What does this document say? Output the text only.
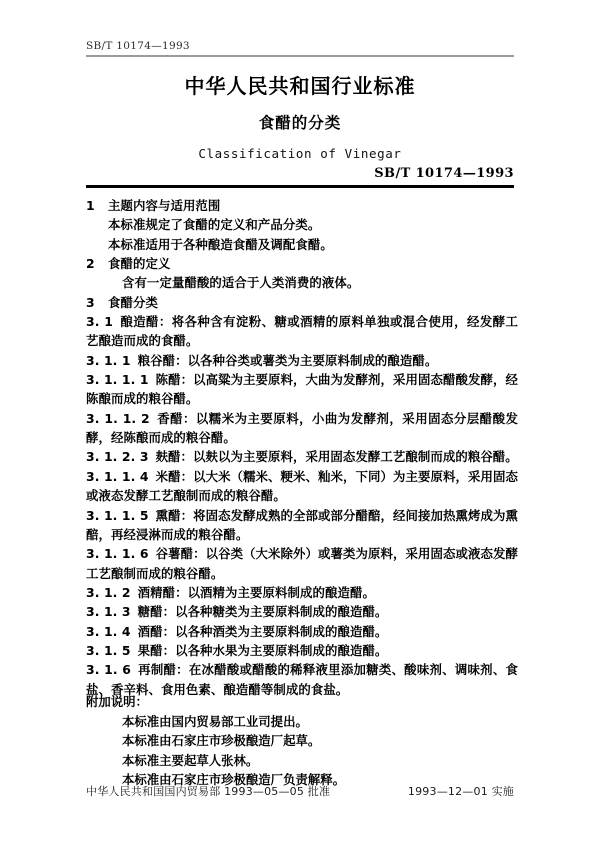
SB/T 10174—1993
中华人民共和国行业标准
食醋的分类
Classification of Vinegar
SB/T 10174—1993
1 主题内容与适用范围
本标准规定了食醋的定义和产品分类。
本标准适用于各种酿造食醋及调配食醋。
2 食醋的定义
含有一定量醋酸的适合于人类消费的液体。
3 食醋分类
3. 1 酿造醋：将各种含有淀粉、糖或酒精的原料单独或混合使用，经发酵工艺酿造而成的食醋。
3. 1. 1 粮谷醋：以各种谷类或薯类为主要原料制成的酿造醋。
3. 1. 1. 1 陈醋：以高粱为主要原料，大曲为发酵剂，采用固态醋酸发酵，经陈酿而成的粮谷醋。
3. 1. 1. 2 香醋：以糯米为主要原料，小曲为发酵剂，采用固态分层醋酸发酵，经陈酿而成的粮谷醋。
3. 1. 2. 3 麸醋：以麸以为主要原料，采用固态发酵工艺酿制而成的粮谷醋。
3. 1. 1. 4 米醋：以大米（糯米、粳米、籼米，下同）为主要原料，采用固态或液态发酵工艺酿制而成的粮谷醋。
3. 1. 1. 5 熏醋：将固态发酵成熟的全部或部分醋醅，经间接加热熏烤成为熏醅，再经浸淋而成的粮谷醋。
3. 1. 1. 6 谷薯醋：以谷类（大米除外）或薯类为原料，采用固态或液态发酵工艺酿制而成的粮谷醋。
3. 1. 2 酒精醋：以酒精为主要原料制成的酿造醋。
3. 1. 3 糖醋：以各种糖类为主要原料制成的酿造醋。
3. 1. 4 酒醋：以各种酒类为主要原料制成的酿造醋。
3. 1. 5 果醋：以各种水果为主要原料制成的酿造醋。
3. 1. 6 再制醋：在冰醋酸或醋酸的稀释液里添加糖类、酸味剂、调味剂、食盐、香辛料、食用色素、酿造醋等制成的食盐。
附加说明：
本标准由国内贸易部工业司提出。
本标准由石家庄市珍极酿造厂起草。
本标准主要起草人张林。
本标准由石家庄市珍极酿造厂负责解释。
中华人民共和国国内贸易部 1993—05—05 批准	1993—12—01 实施
